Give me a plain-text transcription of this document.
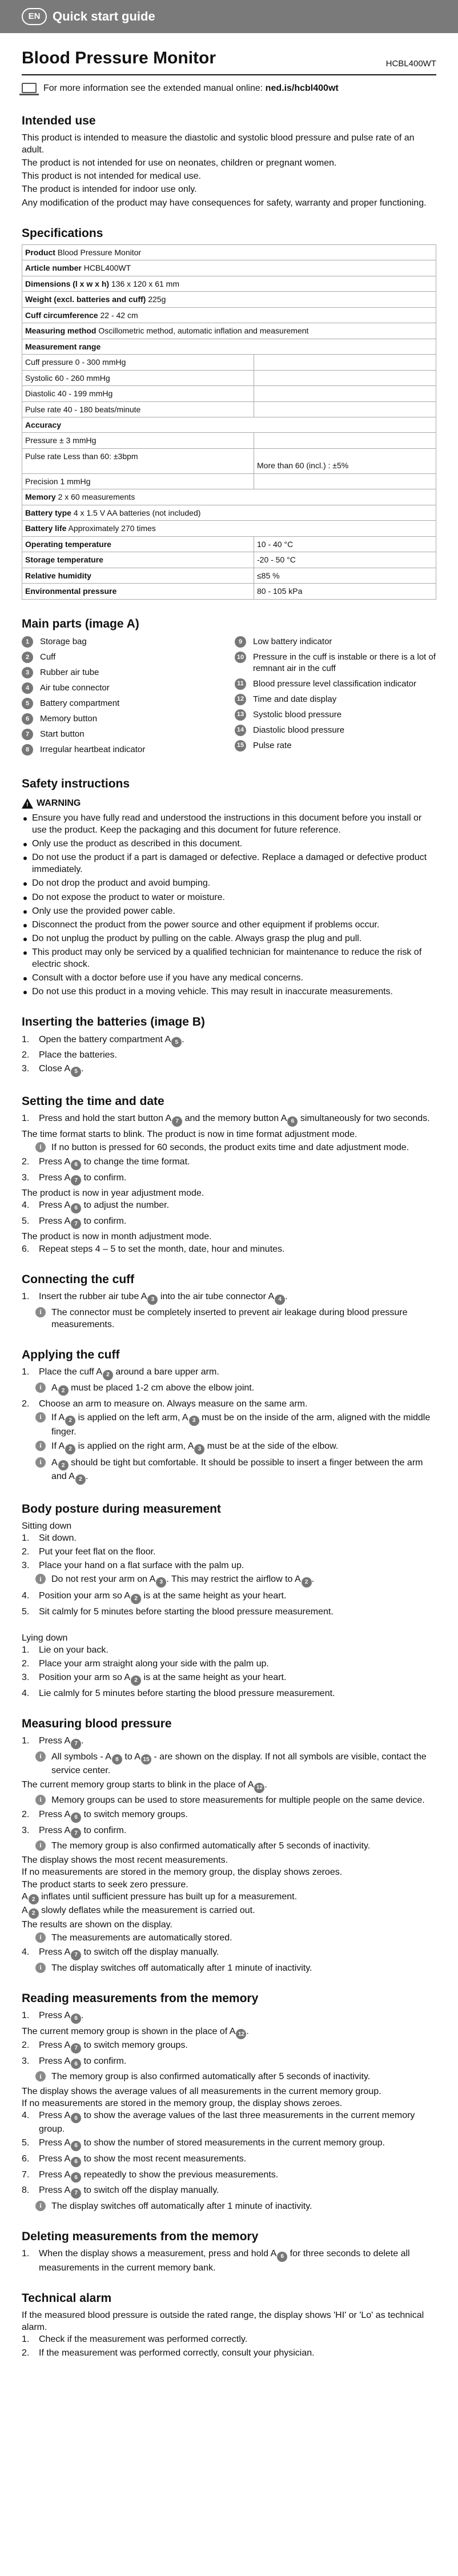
EN Quick start guide
Blood Pressure Monitor	HCBL400WT
For more information see the extended manual online: ned.is/hcbl400wt
Intended use

This product is intended to measure the diastolic and systolic blood pressure and pulse rate of an adult.

The product is not intended for use on neonates, children or pregnant women.

This product is not intended for medical use.

The product is intended for indoor use only.

Any modification of the product may have consequences for safety, warranty and proper functioning.

Specifications
Product Blood Pressure Monitor	
Article number HCBL400WT	
Dimensions (l x w x h) 136 x 120 x 61 mm	
Weight (excl. batteries and cuff) 225g	
Cuff circumference 22 - 42 cm	
Measuring method Oscillometric method, automatic inflation and measurement	
Measurement range	
Cuff pressure 0 - 300 mmHg	
Systolic 60 - 260 mmHg	
Diastolic 40 - 199 mmHg	
Pulse rate 40 - 180 beats/minute	
Accuracy	
Pressure ± 3 mmHg	
Pulse rate Less than 60: ±3bpm	More than 60 (incl.) : ±5%
Precision 1 mmHg	
Memory 2 x 60 measurements	
Battery type 4 x 1.5 V AA batteries (not included)	
Battery life Approximately 270 times	
Operating temperature	10 - 40 °C
Storage temperature	-20 - 50 °C
Relative humidity	≤85 %
Environmental pressure	80 - 105 kPa
Main parts (image A)
1	Storage bag
2	Cuff
3	Rubber air tube
4	Air tube connector
5	Battery compartment
6	Memory button
7	Start button
8	Irregular heartbeat indicator
9	Low battery indicator
10 Pressure in the cuff is instable or there is a lot of remnant air in the cuff
11 Blood pressure level classification indicator
12 Time and date display
13 Systolic blood pressure
14 Diastolic blood pressure
15 Pulse rate
Safety instructions
! WARNING
Ensure you have fully read and understood the instructions in this document before you install or use the product. Keep the packaging and this document for future reference.
Only use the product as described in this document.
Do not use the product if a part is damaged or defective. Replace a damaged or defective product immediately.
Do not drop the product and avoid bumping.
Do not expose the product to water or moisture.
Only use the provided power cable.
Disconnect the product from the power source and other equipment if problems occur.
Do not unplug the product by pulling on the cable. Always grasp the plug and pull.
This product may only be serviced by a qualified technician for maintenance to reduce the risk of electric shock.
Consult with a doctor before use if you have any medical concerns.
Do not use this product in a moving vehicle. This may result in inaccurate measurements.
Inserting the batteries (image B)
1.	Open the battery compartment A 5 .
2.	Place the batteries.
3.	Close A 5 .
Setting the time and date
1.	Press and hold the start button A 7 and the memory button A 6 simultaneously for two seconds.

The time format starts to blink. The product is now in time format adjustment mode.

i	If no button is pressed for 60 seconds, the product exits time and date adjustment mode.
2.	Press A 6 to change the time format.
3.	Press A 7 to confirm.

The product is now in year adjustment mode.

4.	Press A 6 to adjust the number.
5.	Press A 7 to confirm.

The product is now in month adjustment mode.

6.	Repeat steps 4 – 5 to set the month, date, hour and minutes.
Connecting the cuff
1.	Insert the rubber air tube A 3 into the air tube connector A 4 .
i	The connector must be completely inserted to prevent air leakage during blood pressure measurements.
Applying the cuff
1.	Place the cuff A 2 around a bare upper arm.
i	A 2 must be placed 1-2 cm above the elbow joint.
2.	Choose an arm to measure on. Always measure on the same arm.
i	If A 2 is applied on the left arm, A 3 must be on the inside of the arm, aligned with the middle finger.
i	If A 2 is applied on the right arm, A 3 must be at the side of the elbow.
i	A 2 should be tight but comfortable. It should be possible to insert a finger between the arm and A 2 .
Body posture during measurement

Sitting down

1.	Sit down.
2.	Put your feet flat on the floor.
3.	Place your hand on a flat surface with the palm up.
i	Do not rest your arm on A 3 . This may restrict the airflow to A 2 .
4.	Position your arm so A 2 is at the same height as your heart.
5.	Sit calmly for 5 minutes before starting the blood pressure measurement.

Lying down

1.	Lie on your back.
2.	Place your arm straight along your side with the palm up.
3.	Position your arm so A 2 is at the same height as your heart.
4.	Lie calmly for 5 minutes before starting the blood pressure measurement.
Measuring blood pressure
1.	Press A 7 .
i	All symbols - A 8 to A 15 - are shown on the display. If not all symbols are visible, contact the service center.

The current memory group starts to blink in the place of A 12 .

i	Memory groups can be used to store measurements for multiple people on the same device.
2.	Press A 6 to switch memory groups.
3.	Press A 7 to confirm.
i	The memory group is also confirmed automatically after 5 seconds of inactivity.

The display shows the most recent measurements.

If no measurements are stored in the memory group, the display shows zeroes.

The product starts to seek zero pressure.

A 2 inflates until sufficient pressure has built up for a measurement.

A 2 slowly deflates while the measurement is carried out.

The results are shown on the display.

i	The measurements are automatically stored.
4.	Press A 7 to switch off the display manually.
i	The display switches off automatically after 1 minute of inactivity.
Reading measurements from the memory
1.	Press A 6 .

The current memory group is shown in the place of A 12 .

2.	Press A 7 to switch memory groups.
3.	Press A 6 to confirm.
i	The memory group is also confirmed automatically after 5 seconds of inactivity.

The display shows the average values of all measurements in the current memory group.

If no measurements are stored in the memory group, the display shows zeroes.

4.	Press A 6 to show the average values of the last three measurements in the current memory group.
5.	Press A 6 to show the number of stored measurements in the current memory group.
6.	Press A 6 to show the most recent measurements.
7.	Press A 6 repeatedly to show the previous measurements.
8.	Press A 7 to switch off the display manually.
i	The display switches off automatically after 1 minute of inactivity.
Deleting measurements from the memory
1.	When the display shows a measurement, press and hold A 6 for three seconds to delete all measurements in the current memory bank.
Technical alarm

If the measured blood pressure is outside the rated range, the display shows 'HI' or 'Lo' as technical alarm.

1.	Check if the measurement was performed correctly.
2.	If the measurement was performed correctly, consult your physician.
